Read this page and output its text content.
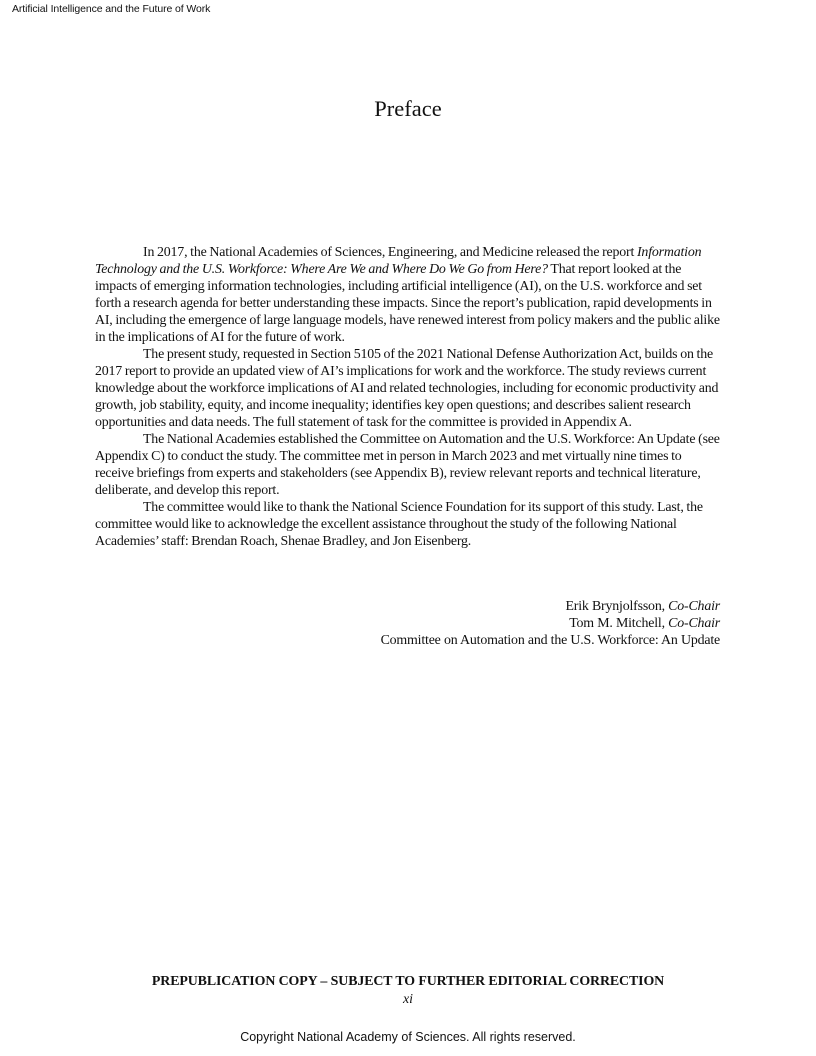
Artificial Intelligence and the Future of Work
Preface

In 2017, the National Academies of Sciences, Engineering, and Medicine released the report Information Technology and the U.S. Workforce: Where Are We and Where Do We Go from Here? That report looked at the impacts of emerging information technologies, including artificial intelligence (AI), on the U.S. workforce and set forth a research agenda for better understanding these impacts. Since the report’s publication, rapid developments in AI, including the emergence of large language models, have renewed interest from policy makers and the public alike in the implications of AI for the future of work.

The present study, requested in Section 5105 of the 2021 National Defense Authorization Act, builds on the 2017 report to provide an updated view of AI’s implications for work and the workforce. The study reviews current knowledge about the workforce implications of AI and related technologies, including for economic productivity and growth, job stability, equity, and income inequality; identifies key open questions; and describes salient research opportunities and data needs. The full statement of task for the committee is provided in Appendix A.

The National Academies established the Committee on Automation and the U.S. Workforce: An Update (see Appendix C) to conduct the study. The committee met in person in March 2023 and met virtually nine times to receive briefings from experts and stakeholders (see Appendix B), review relevant reports and technical literature, deliberate, and develop this report.

The committee would like to thank the National Science Foundation for its support of this study. Last, the committee would like to acknowledge the excellent assistance throughout the study of the following National Academies’ staff: Brendan Roach, Shenae Bradley, and Jon Eisenberg.

Erik Brynjolfsson, Co-Chair
Tom M. Mitchell, Co-Chair
Committee on Automation and the U.S. Workforce: An Update
PREPUBLICATION COPY – SUBJECT TO FURTHER EDITORIAL CORRECTION
xi
Copyright National Academy of Sciences. All rights reserved.
